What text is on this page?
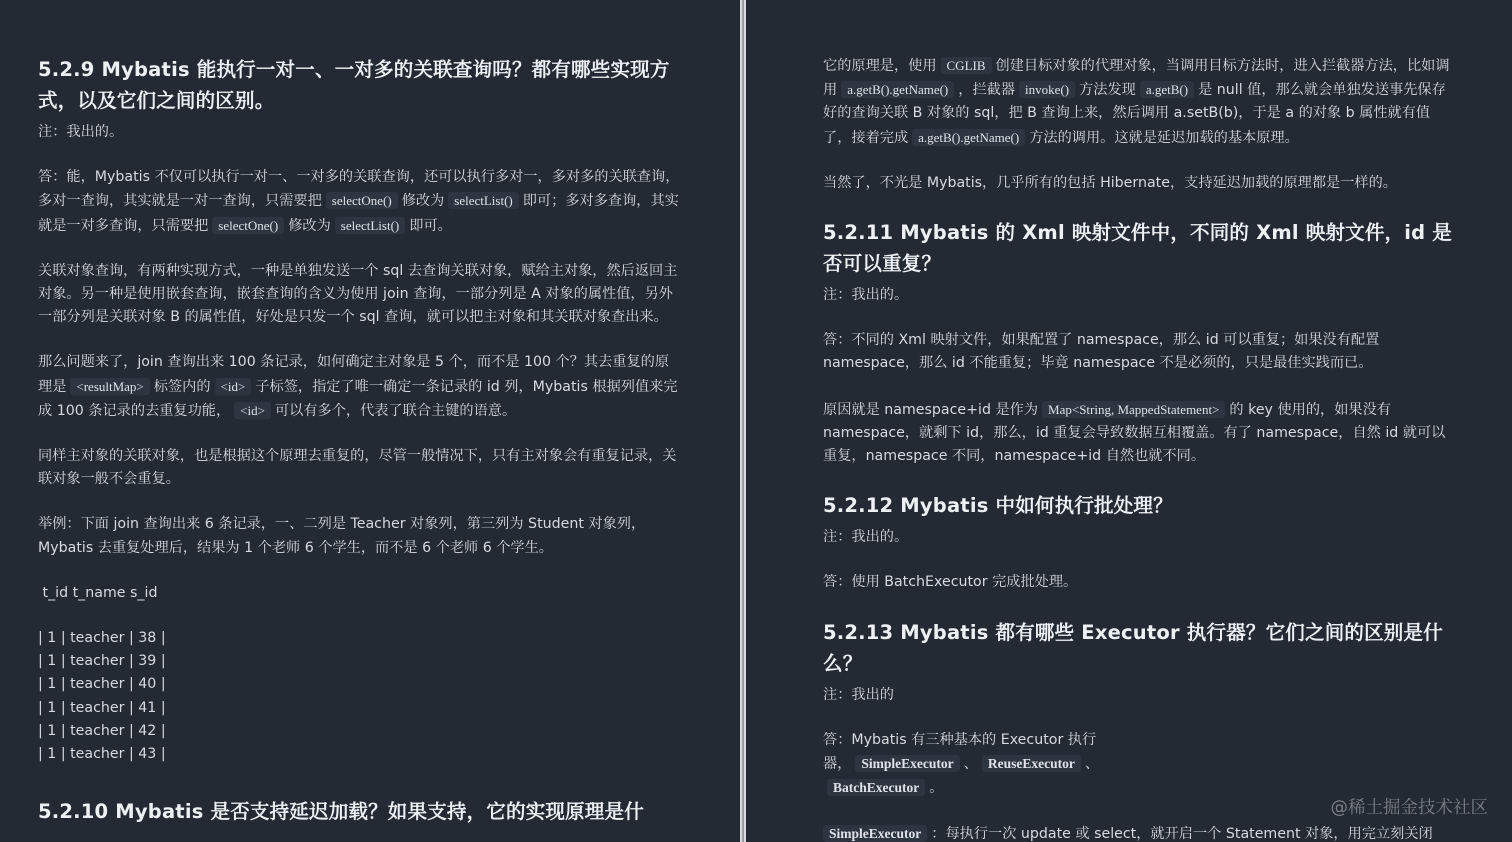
5.2.9 Mybatis 能执行一对一、一对多的关联查询吗？都有哪些实现方式，以及它们之间的区别。

注：我出的。

答：能，Mybatis 不仅可以执行一对一、一对多的关联查询，还可以执行多对一，多对多的关联查询，多对一查询，其实就是一对一查询，只需要把 selectOne() 修改为 selectList() 即可；多对多查询，其实就是一对多查询，只需要把 selectOne() 修改为 selectList() 即可。

关联对象查询，有两种实现方式，一种是单独发送一个 sql 去查询关联对象，赋给主对象，然后返回主对象。另一种是使用嵌套查询，嵌套查询的含义为使用 join 查询，一部分列是 A 对象的属性值，另外一部分列是关联对象 B 的属性值，好处是只发一个 sql 查询，就可以把主对象和其关联对象查出来。

那么问题来了，join 查询出来 100 条记录，如何确定主对象是 5 个，而不是 100 个？其去重复的原理是 <resultMap> 标签内的 <id> 子标签，指定了唯一确定一条记录的 id 列，Mybatis 根据列值来完成 100 条记录的去重复功能， <id> 可以有多个，代表了联合主键的语意。

同样主对象的关联对象，也是根据这个原理去重复的，尽管一般情况下，只有主对象会有重复记录，关联对象一般不会重复。

举例：下面 join 查询出来 6 条记录，一、二列是 Teacher 对象列，第三列为 Student 对象列，Mybatis 去重复处理后，结果为 1 个老师 6 个学生，而不是 6 个老师 6 个学生。

t_id t_name s_id
| 1 | teacher | 38 |
| 1 | teacher | 39 |
| 1 | teacher | 40 |
| 1 | teacher | 41 |
| 1 | teacher | 42 |
| 1 | teacher | 43 |
5.2.10 Mybatis 是否支持延迟加载？如果支持，它的实现原理是什

它的原理是，使用 CGLIB 创建目标对象的代理对象，当调用目标方法时，进入拦截器方法，比如调用 a.getB().getName() ，拦截器 invoke() 方法发现 a.getB() 是 null 值，那么就会单独发送事先保存好的查询关联 B 对象的 sql，把 B 查询上来，然后调用 a.setB(b)，于是 a 的对象 b 属性就有值了，接着完成 a.getB().getName() 方法的调用。这就是延迟加载的基本原理。

当然了，不光是 Mybatis，几乎所有的包括 Hibernate，支持延迟加载的原理都是一样的。

5.2.11 Mybatis 的 Xml 映射文件中，不同的 Xml 映射文件，id 是否可以重复？

注：我出的。

答：不同的 Xml 映射文件，如果配置了 namespace，那么 id 可以重复；如果没有配置 namespace，那么 id 不能重复；毕竟 namespace 不是必须的，只是最佳实践而已。

原因就是 namespace+id 是作为 Map<String, MappedStatement> 的 key 使用的，如果没有 namespace，就剩下 id，那么，id 重复会导致数据互相覆盖。有了 namespace，自然 id 就可以重复，namespace 不同，namespace+id 自然也就不同。

5.2.12 Mybatis 中如何执行批处理？

注：我出的。

答：使用 BatchExecutor 完成批处理。

5.2.13 Mybatis 都有哪些 Executor 执行器？它们之间的区别是什么？

注：我出的

答：Mybatis 有三种基本的 Executor 执行器， SimpleExecutor 、 ReuseExecutor 、BatchExecutor 。

SimpleExecutor ：每执行一次 update 或 select，就开启一个 Statement 对象，用完立刻关闭

@稀土掘金技术社区
